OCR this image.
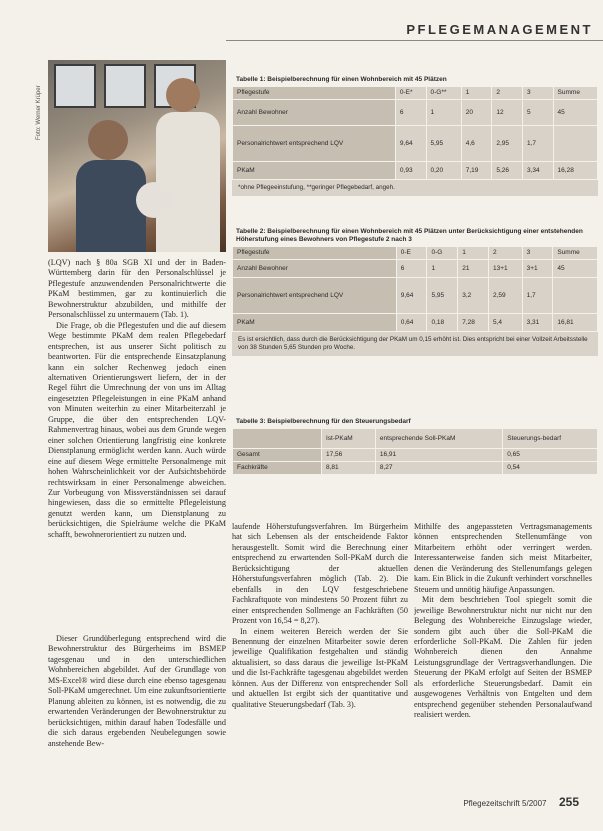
PFLEGEMANAGEMENT
Foto: Werner Krüper
Tabelle 1: Beispielberechnung für einen Wohnbereich mit 45 Plätzen
Pflegestufe	0-E*	0-G**	1	2	3	Summe
Anzahl Bewohner	6	1	20	12	5	45
Personalrichtwert entsprechend LQV	9,64	5,95	4,6	2,95	1,7	
PKaM	0,93	0,20	7,19	5,26	3,34	16,28
*ohne Pflegeeinstufung, **geringer Pflegebedarf, angeh.
Tabelle 2: Beispielberechnung für einen Wohnbereich mit 45 Plätzen unter Berücksichtigung einer entstehenden Höherstufung eines Bewohners von Pflegestufe 2 nach 3
Pflegestufe	0-E	0-G	1	2	3	Summe
Anzahl Bewohner	6	1	21	13+1	3+1	45
Personalrichtwert entsprechend LQV	9,64	5,95	3,2	2,59	1,7	
PKaM	0,64	0,18	7,28	5,4	3,31	16,81
Es ist ersichtlich, dass durch die Berücksichtigung der PKaM um 0,15 erhöht ist. Dies entspricht bei einer Vollzeit Arbeitsstelle von 38 Stunden 5,65 Stunden pro Woche.
Tabelle 3: Beispielberechnung für den Steuerungsbedarf
	Ist-PKaM	entsprechende Soll-PKaM	Steuerungs-bedarf
Gesamt	17,56	16,91	0,65
Fachkräfte	8,81	8,27	0,54

(LQV) nach § 80a SGB XI und der in Baden-Württemberg darin für den Personalschlüssel je Pflegestufe anzuwendenden Personalrichtwerte die PKaM bestimmen, gar zu kontinuierlich die Bewohnerstruktur abzubilden, und mithilfe der Personalschlüssel zu untermauern (Tab. 1).

Die Frage, ob die Pflegestufen und die auf diesem Wege bestimmte PKaM dem realen Pflegebedarf entsprechen, ist aus unserer Sicht politisch zu beantworten. Für die entsprechende Einsatzplanung kann ein solcher Rechenweg jedoch einen alternativen Orientierungswert liefern, der in der Regel führt die Umrechnung der von uns im Alltag eingesetzten Pflegeleistungen in eine PKaM anhand von Minuten weiterhin zu einer Mitarbeiterzahl je Gruppe, die über den entsprechenden LQV-Rahmenvertrag hinaus, wobei aus dem Grunde wegen einer solchen Orientierung langfristig eine konkrete Dienstplanung ermöglicht werden kann. Auch würde eine auf diesem Wege ermittelte Personalmenge mit hohen Wahrscheinlichkeit vor der Aufsichtsbehörde rechtswirksam in einer Personalmenge abweichen. Zur Vorbeugung von Missverständnissen sei darauf hingewiesen, dass die so ermittelte Pflegeleistung genutzt werden kann, um Dienstplanung zu berücksichtigen, die Spielräume welche die PKaM schafft, bewohnerorientiert zu nutzen und.

Dieser Grundüberlegung entsprechend wird die Bewohnerstruktur des Bürgerheims im BSMEP tagesgenau und in den unterschiedlichen Wohnbereichen abgebildet. Auf der Grundlage von MS-Excel® wird diese durch eine ebenso tagesgenau Soll-PKaM umgerechnet. Um eine zukunftsorientierte Planung ableiten zu können, ist es notwendig, die zu erwartenden Veränderungen der Bewohnerstruktur zu berücksichtigen, mithin darauf haben Todesfälle und die sich daraus ergebenden Neubelegungen sowie anstehende Bew-

laufende Höherstufungsverfahren. Im Bürgerheim hat sich Lebensen als der entscheidende Faktor herausgestellt. Somit wird die Berechnung einer entsprechend zu erwartenden Soll-PKaM durch die Berücksichtigung der aktuellen Höherstufungsverfahren möglich (Tab. 2). Die ebenfalls in den LQV festgeschriebene Fachkraftquote von mindestens 50 Prozent führt zu einer entsprechenden Sollmenge an Fachkräften (50 Prozent von 16,54 = 8,27).

In einem weiteren Bereich werden der Sie Benennung der einzelnen Mitarbeiter sowie deren jeweilige Qualifikation festgehalten und ständig aktualisiert, so dass daraus die jeweilige Ist-PKaM und die Ist-Fachkräfte tagesgenau abgebildet werden können. Aus der Differenz von entsprechender Soll und aktuellen Ist ergibt sich der quantitative und qualitative Steuerungsbedarf (Tab. 3).

Mithilfe des angepassteten Vertragsmanagements können entsprechenden Stellenumfänge von Mitarbeitern erhöht oder verringert werden. Interessanterweise fanden sich meist Mitarbeiter, denen die Veränderung des Stellenumfangs gelegen kam. Ein Blick in die Zukunft verhindert vorschnelles Steuern und unnötig häufige Anpassungen.

Mit dem beschrieben Tool spiegelt somit die jeweilige Bewohnerstruktur nicht nur nicht nur den Belegung des Wohnbereiche Einzugslage wieder, sondern gibt auch über die Soll-PKaM die erforderliche Soll-PKaM. Die Zahlen für jeden Wohnbereich dienen den Annahme Leistungsgrundlage der Vertragsverhandlungen. Die Steuerung der PKaM erfolgt auf Seiten der BSMEP als erforderliche Steuerungsbedarf. Damit ein ausgewogenes Verhältnis von Entgelten und dem entsprechend gegenüber stehenden Personalaufwand realisiert werden.

Pflegezeitschrift 5/2007 255
